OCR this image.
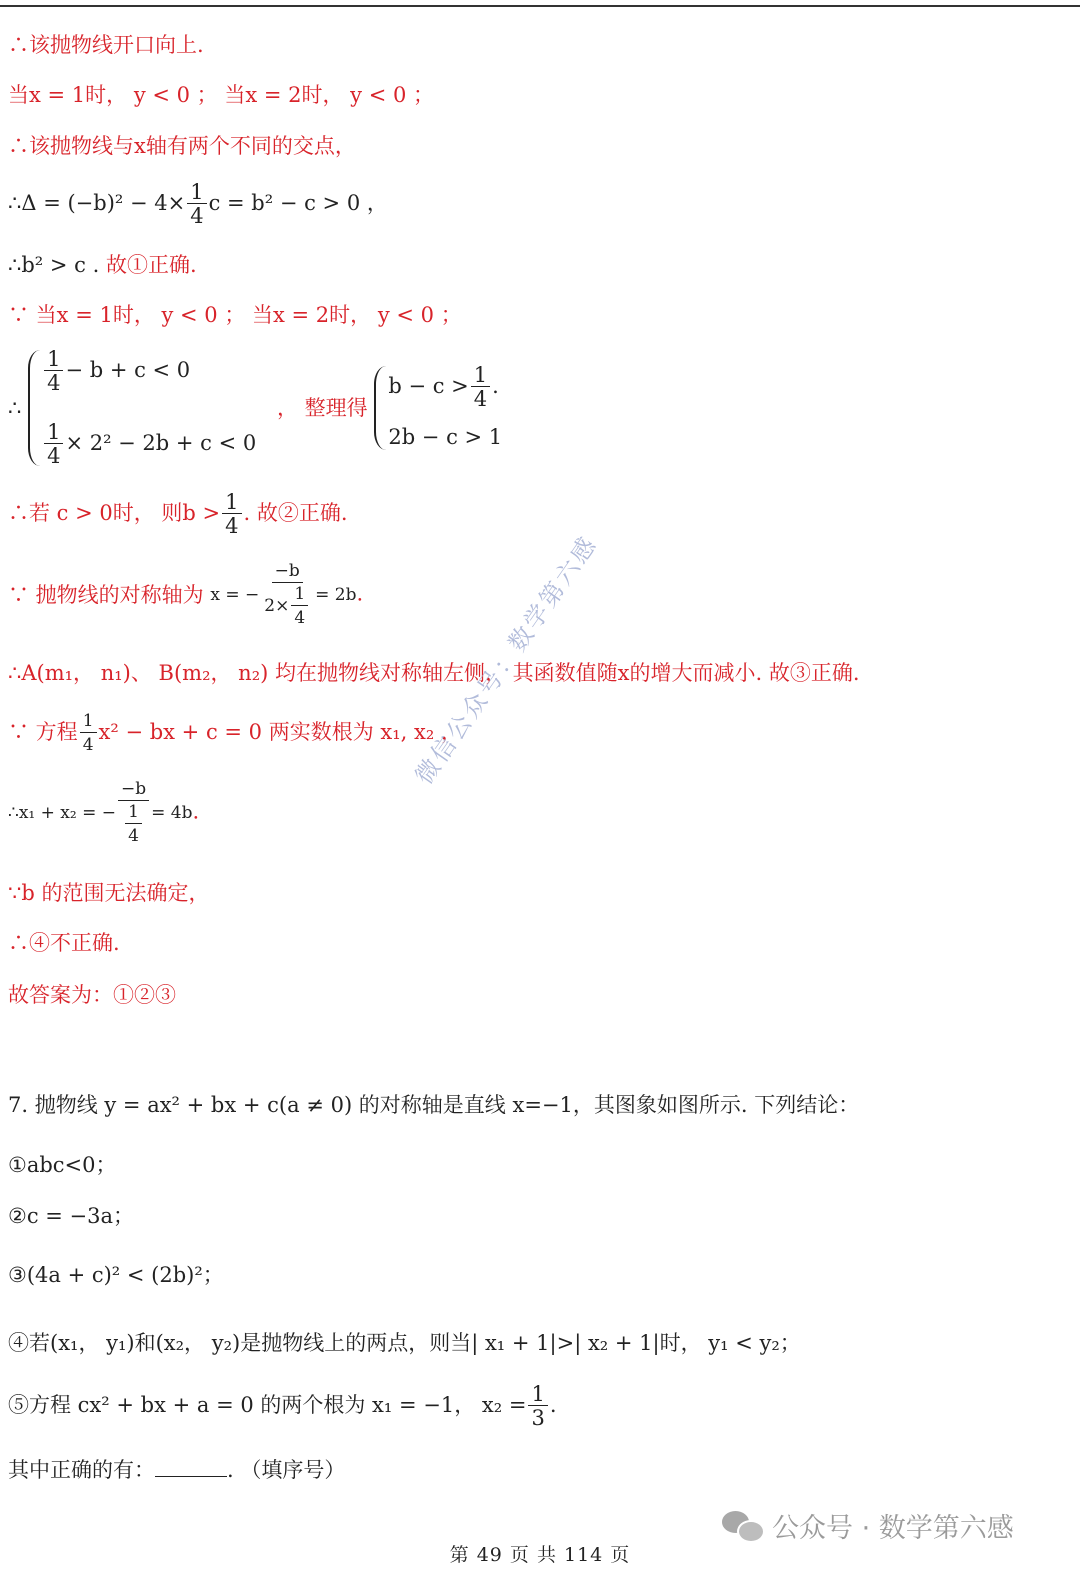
∴该抛物线开口向上.
当x = 1时， y < 0 ； 当x = 2时， y < 0 ；
∴该抛物线与x轴有两个不同的交点，
∴Δ = $(-b)^2 - 4\times \frac{1}{4}$ c = b² − c > 0 ，
∴b² > c . 故①正确.
∵ 当x = 1时， y < 0 ； 当x = 2时， y < 0 ；
∴
$\frac{1}{4} - b + c < 0$
$\frac{1}{4} \times 2^2 - 2b + c < 0$
， 整理得
$b - c > \frac{1}{4}$ .
2b − c > 1
∴若 c > 0时， 则$b > \frac{1}{4}$ . 故②正确.
∵ 抛物线的对称轴为 x = − $\frac{-b}{2\times \frac{1}{4}} = 2b$.
∴A(m₁， n₁)、 B(m₂， n₂) 均在抛物线对称轴左侧， 其函数值随x的增大而减小. 故③正确.
∵ 方程 $\frac{1}{4} x^2$ − bx + c = 0 两实数根为 x₁, x₂ ，
∴x₁ + x₂ = − $\frac{-b}{\frac{1}{4}} = 4b$.
∵b 的范围无法确定，
∴④不正确.
故答案为：①②③
7. 抛物线 y = ax² + bx + c(a ≠ 0) 的对称轴是直线 x=−1，其图象如图所示. 下列结论：
①abc<0；
②c = −3a；
③(4a + c)² < (2b)²；
④若(x₁， y₁)和(x₂， y₂)是抛物线上的两点，则当| x₁ + 1|>| x₂ + 1|时， y₁ < y₂；
⑤方程 cx² + bx + a = 0 的两个根为 x₁ = −1， $x_2 = \frac{1}{3}$ .
其中正确的有：	. （填序号）
微信公众号：数学第六感
公众号 · 数学第六感
第 49 页 共 114 页
